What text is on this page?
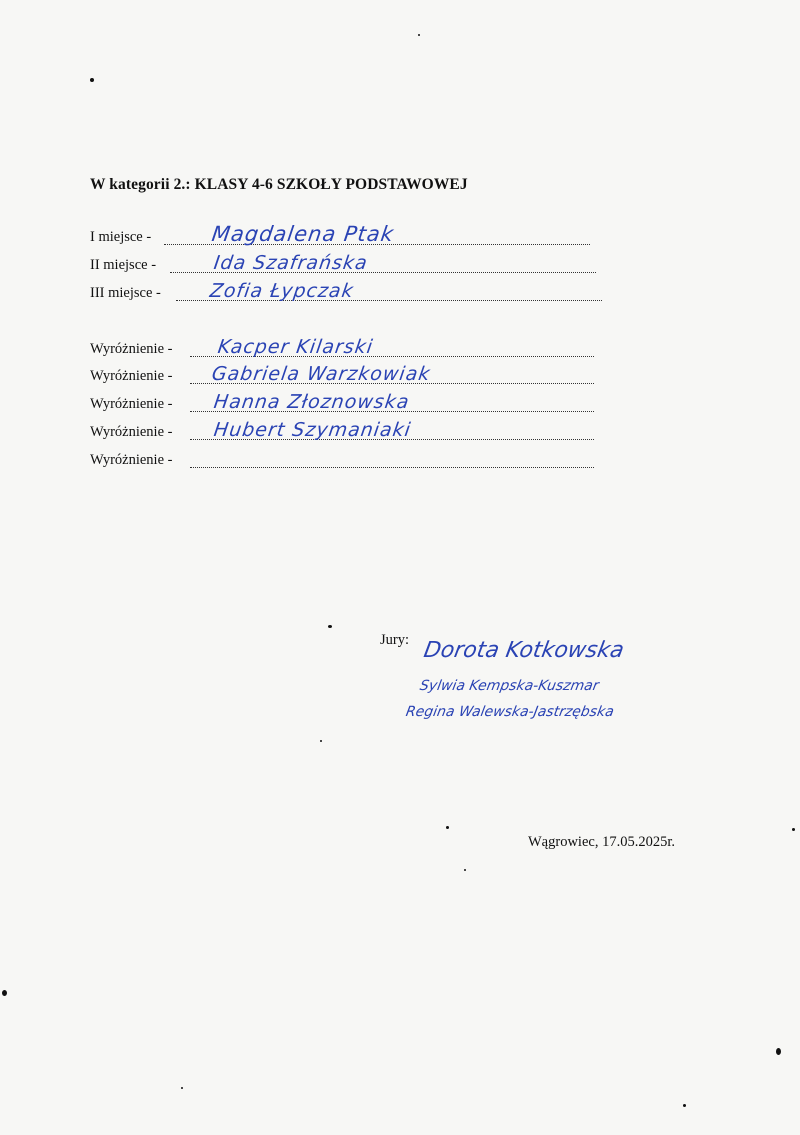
W kategorii 2.: KLASY 4-6 SZKOŁY PODSTAWOWEJ
I miejsce -	Magdalena Ptak
II miejsce -	Ida Szafrańska
III miejsce -	Zofia Łypczak
Wyróżnienie - Kacper Kilarski
Wyróżnienie - Gabriela Warzkowiak
Wyróżnienie - Hanna Złoznowska
Wyróżnienie - Hubert Szymaniaki
Wyróżnienie -
Jury: Dorota Kotkowska
Sylwia Kempska-Kuszmar
Regina Walewska-Jastrzębska
Wągrowiec, 17.05.2025r.
